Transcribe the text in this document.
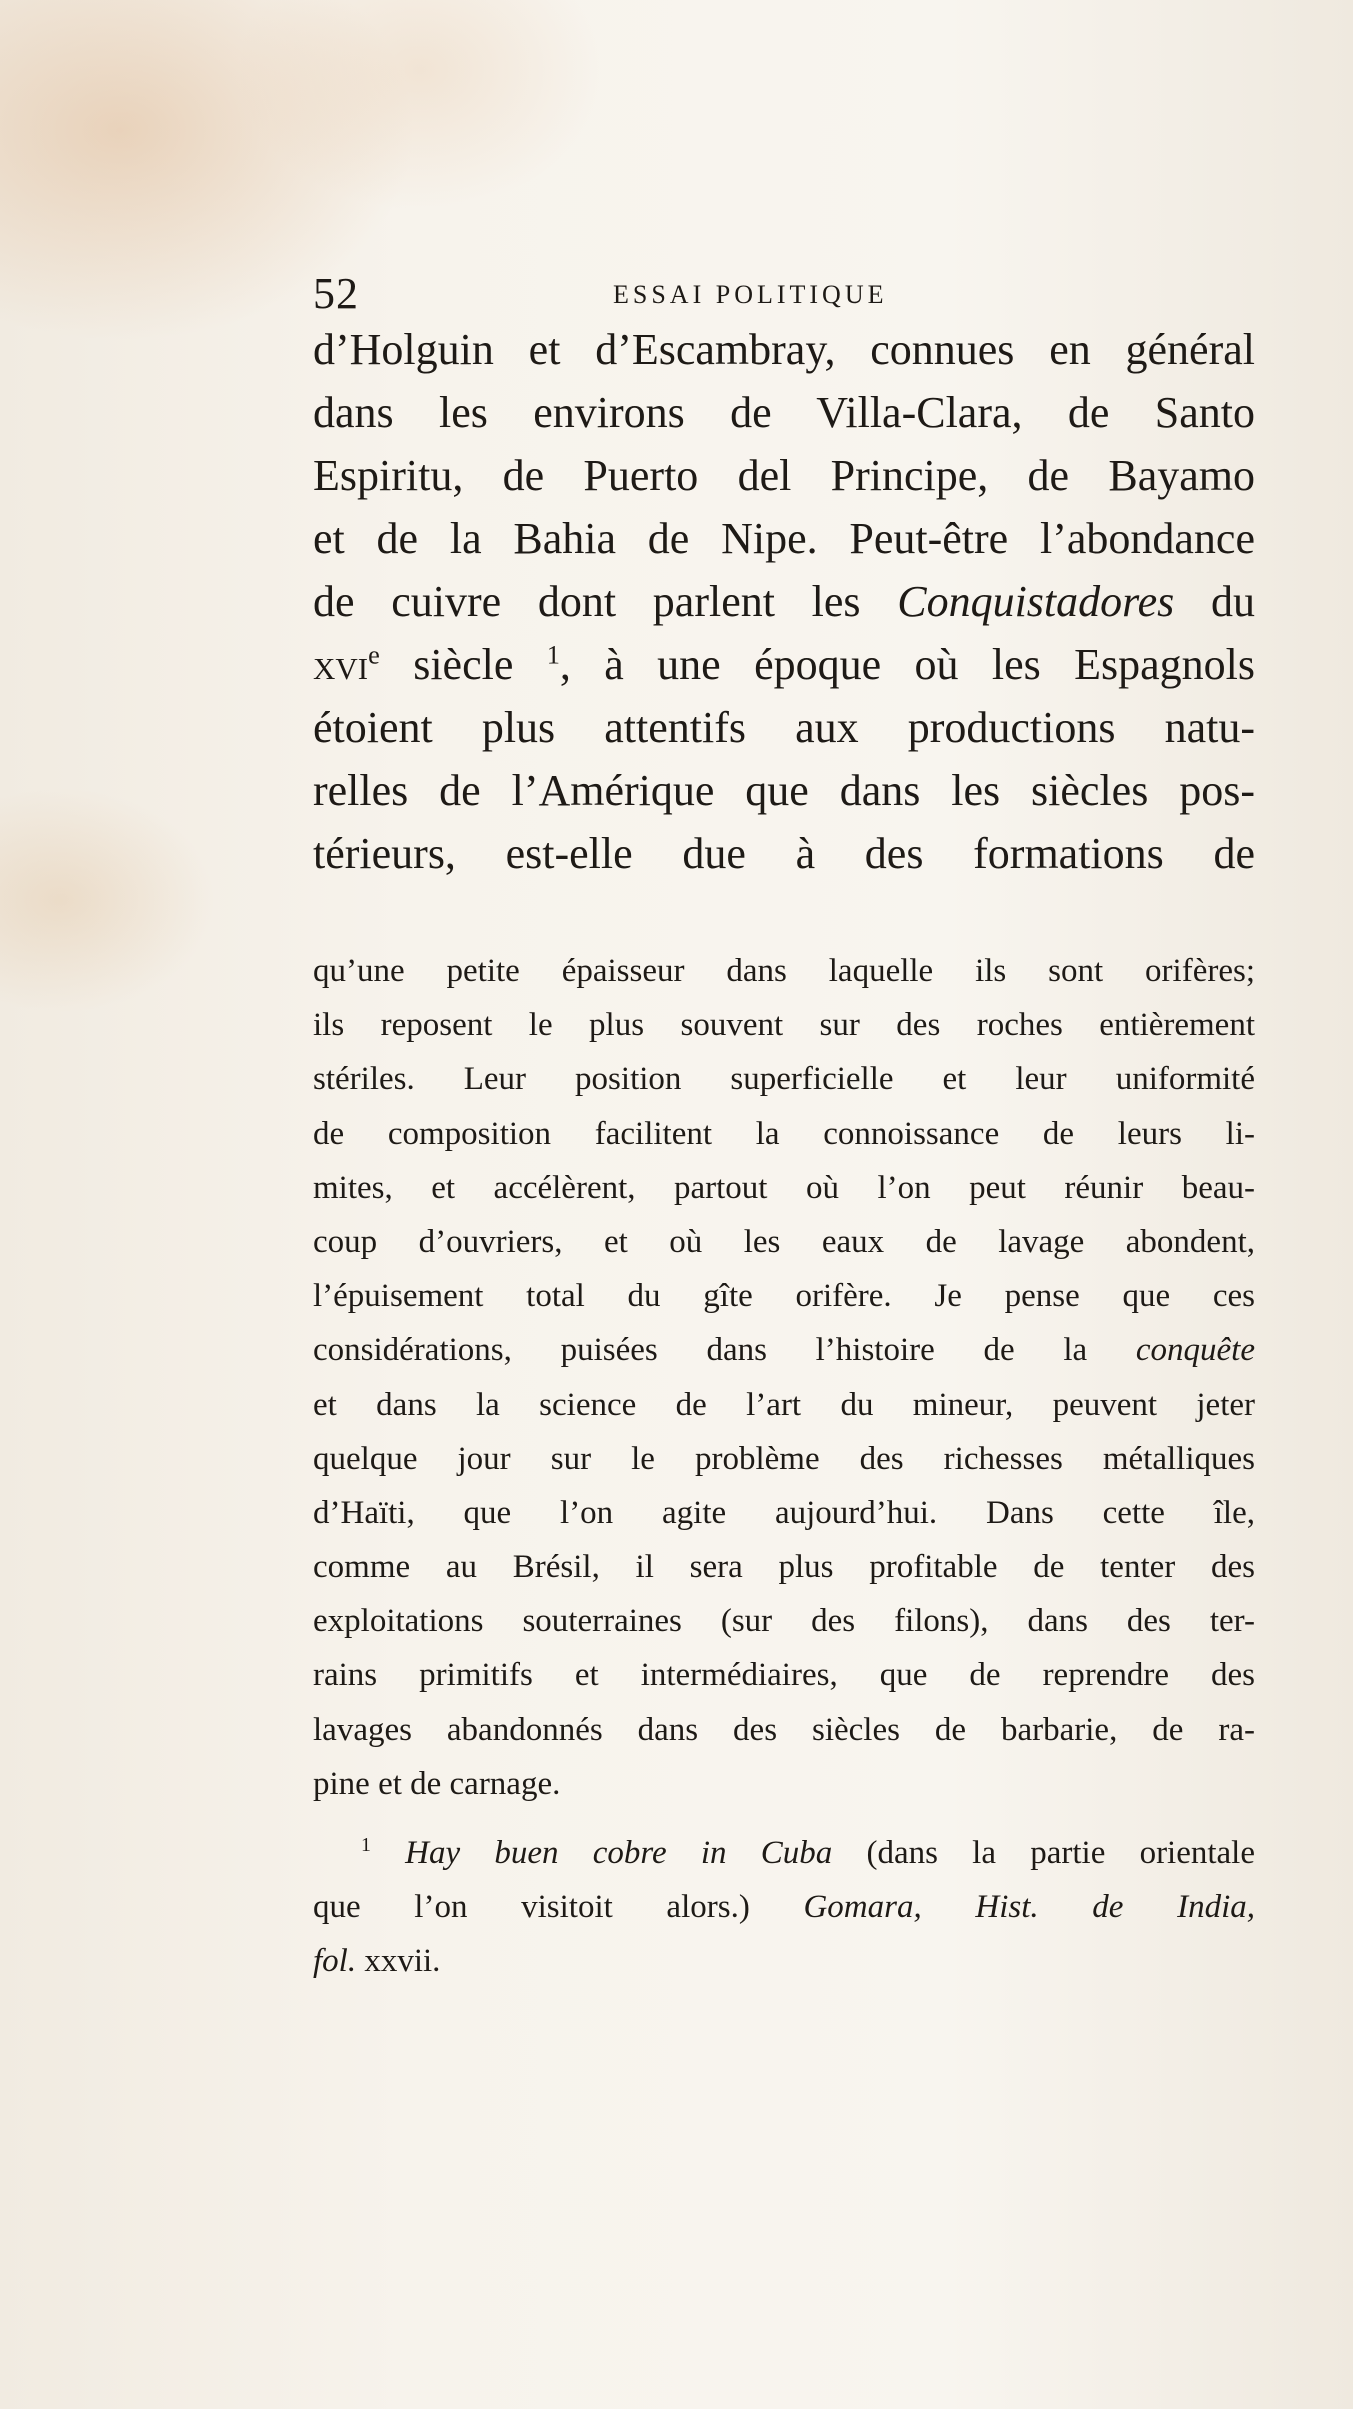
52	ESSAI POLITIQUE
d’Holguin et d’Escambray, connues en général
dans les environs de Villa-Clara, de Santo
Espiritu, de Puerto del Principe, de Bayamo
et de la Bahia de Nipe. Peut-être l’abondance
de cuivre dont parlent les Conquistadores du
xvi$^e$ siècle $^1$, à une époque où les Espagnols
étoient plus attentifs aux productions natu-
relles de l’Amérique que dans les siècles pos-
térieurs, est-elle due à des formations de
qu’une petite épaisseur dans laquelle ils sont orifères;
ils reposent le plus souvent sur des roches entièrement
stériles. Leur position superficielle et leur uniformité
de composition facilitent la connoissance de leurs li-
mites, et accélèrent, partout où l’on peut réunir beau-
coup d’ouvriers, et où les eaux de lavage abondent,
l’épuisement total du gîte orifère. Je pense que ces
considérations, puisées dans l’histoire de la conquête
et dans la science de l’art du mineur, peuvent jeter
quelque jour sur le problème des richesses métalliques
d’Haïti, que l’on agite aujourd’hui. Dans cette île,
comme au Brésil, il sera plus profitable de tenter des
exploitations souterraines (sur des filons), dans des ter-
rains primitifs et intermédiaires, que de reprendre des
lavages abandonnés dans des siècles de barbarie, de ra-
pine et de carnage.
$^1$ Hay buen cobre in Cuba (dans la partie orientale
que l’on visitoit alors.) Gomara, Hist. de India,
fol. xxvii.
